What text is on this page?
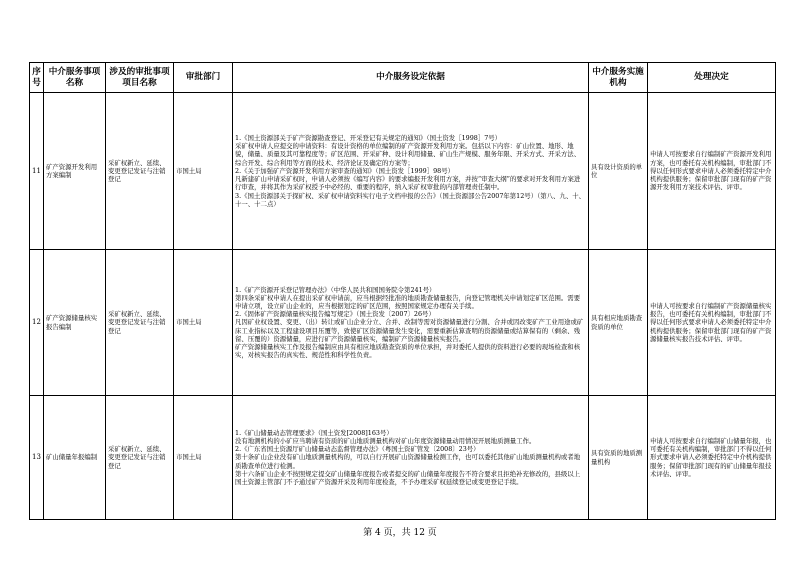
序号	中介服务事项名称	涉及的审批事项项目名称	审批部门	中介服务设定依据	中介服务实施机构	处理决定
11	矿产资源开发利用方案编制	采矿权新立、延续、变更登记发证与注销登记	市国土局	1.《国土资源部关于矿产资源勘查登记、开采登记有关规定的通知》（国土资发［1998］7号）
采矿权申请人应提交的申请资料：有设计资格的单位编制的矿产资源开发利用方案。包括以下内容：矿山位置、地形、地貌，储量、质量及其可靠程度等；矿区范围、开采矿种、设计利用储量、矿山生产规模、服务年限、开采方式、开采方法、综合开发、综合利用等方面的技术、经济论证及确定的方案等；
2.《关于加强矿产资源开发利用方案审查的通知》（国土资发［1999］98号）
凡新建矿山申请采矿权时，申请人必须按《编写内容》的要求编报开发利用方案，并按“审查大纲”的要求对开发利用方案进行审查，并将其作为采矿权授予中必经的、重要的程序，纳入采矿权审批的内部管理责任制中。
3.《国土资源部关于探矿权、采矿权申请资料实行电子文档申报的公告》（国土资源部公告2007年第12号）（第八、九、十、十一、十二点）	具有设计资质的单位	申请人可按要求自行编制矿产资源开发利用方案，也可委托有关机构编制，审批部门不得以任何形式要求申请人必须委托特定中介机构提供服务；保留审批部门现有的矿产资源开发利用方案技术评估、评审。
12	矿产资源储量核实报告编制	采矿权新立、延续、变更登记发证与注销登记	市国土局	1.《矿产资源开采登记管理办法》（中华人民共和国国务院令第241号）
第四条采矿权申请人在提出采矿权申请前，应当根据经批准的地质勘查储量报告，向登记管理机关申请划定矿区范围。需要申请立项，设立矿山企业的，应当根据划定的矿区范围，按照国家规定办理有关手续。
2.《固体矿产资源储量核实报告编写规定》（国土资发〔2007〕26号）
凡因矿业权设置、变更、（出）转让或矿山企业分立、合并、改制等需对资源储量进行分割、合并或因改变矿产工业用途或矿床工业指标以及工程建设项目压覆等，致使矿区资源储量发生变化，需要重新估算查明的资源储量或结算保有的（剩余、残留、压覆的）资源储量，应进行矿产资源储量核实，编制矿产资源储量核实报告。
矿产资源储量核实工作及报告编制应由具有相应地质勘查资质的单位承担，并对委托人提供的资料进行必要的现场检查和核实，对核实报告的真实性、规范性和科学性负责。	具有相应地质勘查资质的单位	申请人可按要求自行编制矿产资源储量核实报告，也可委托有关机构编制，审批部门不得以任何形式要求申请人必须委托特定中介机构提供服务；保留审批部门现有的矿产资源储量核实报告技术评估、评审。
13	矿山储量年报编制	采矿权新立、延续、变更登记发证与注销登记	市国土局	1.《矿山储量动态管理要求》（国土资发[2008]163号）
没有地测机构的小矿应当聘请有资质的矿山地质测量机构对矿山年度资源储量动用情况开展地质测量工作。
2.《广东省国土资源厅矿山储量动态监督管理办法》（粤国土资矿管发〔2008〕23号）
第十条矿山企业没有矿山地质测量机构的，可以自行开展矿山资源储量检测工作，也可以委托其他矿山地质测量机构或者地质勘查单位进行检测。
第十六条矿山企业不按照规定提交矿山储量年度报告或者提交的矿山储量年度报告不符合要求且拒绝补充修改的，县级以上国土资源主管部门不予通过矿产资源开采及利用年度检查，不予办理采矿权延续登记或变更登记手续。	具有资质的地质测量机构	申请人可按要求自行编制矿山储量年报，也可委托有关机构编制，审批部门不得以任何形式要求申请人必须委托特定中介机构提供服务；保留审批部门现有的矿山储量年报技术评估、评审。
第 4 页，共 12 页
